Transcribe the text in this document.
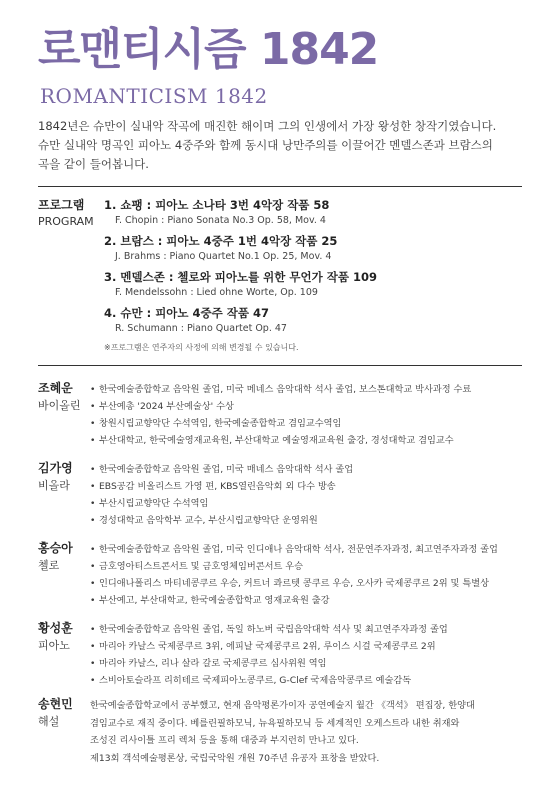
로맨티시즘 1842
ROMANTICISM 1842

1842년은 슈만이 실내악 작곡에 매진한 해이며 그의 인생에서 가장 왕성한 창작기였습니다.

슈만 실내악 명곡인 피아노 4중주와 함께 동시대 낭만주의를 이끌어간 멘델스존과 브람스의

곡을 같이 들어봅니다.

프로그램
PROGRAM
1. 쇼팽 : 피아노 소나타 3번 4악장 작품 58
F. Chopin : Piano Sonata No.3 Op. 58, Mov. 4
2. 브람스 : 피아노 4중주 1번 4악장 작품 25
J. Brahms : Piano Quartet No.1 Op. 25, Mov. 4
3. 멘델스존 : 첼로와 피아노를 위한 무언가 작품 109
F. Mendelssohn : Lied ohne Worte, Op. 109
4. 슈만 : 피아노 4중주 작품 47
R. Schumann : Piano Quartet Op. 47
※프로그램은 연주자의 사정에 의해 변경될 수 있습니다.
조혜운
바이올린
• 한국예술종합학교 음악원 졸업, 미국 메네스 음악대학 석사 졸업, 보스톤대학교 박사과정 수료
• 부산예총 '2024 부산예술상' 수상
• 창원시립교향악단 수석역임, 한국예술종합학교 겸임교수역임
• 부산대학교, 한국예술영재교육원, 부산대학교 예술영재교육원 출강, 경성대학교 겸임교수
김가영
비올라
• 한국예술종합학교 음악원 졸업, 미국 매네스 음악대학 석사 졸업
• EBS공감 비올리스트 가영 편, KBS열린음악회 외 다수 방송
• 부산시립교향악단 수석역임
• 경성대학교 음악학부 교수, 부산시립교향악단 운영위원
홍승아
첼로
• 한국예술종합학교 음악원 졸업, 미국 인디애나 음악대학 석사, 전문연주자과정, 최고연주자과정 졸업
• 금호영아티스트콘서트 및 금호영체임버콘서트 우승
• 인디애나폴리스 마티네콩쿠르 우승, 커트너 콰르텟 콩쿠르 우승, 오사카 국제콩쿠르 2위 및 특별상
• 부산예고, 부산대학교, 한국예술종합학교 영재교육원 출강
황성훈
피아노
• 한국예술종합학교 음악원 졸업, 독일 하노버 국립음악대학 석사 및 최고연주자과정 졸업
• 마리아 카날스 국제콩쿠르 3위, 에피날 국제콩쿠르 2위, 루이스 시걸 국제콩쿠르 2위
• 마리아 카날스, 리나 살라 갈로 국제콩쿠르 심사위원 역임
• 스비아토슬라프 리히테르 국제피아노콩쿠르, G-Clef 국제음악콩쿠르 예술감독
송현민
해설

한국예술종합학교에서 공부했고, 현재 음악평론가이자 공연예술지 월간 《객석》 편집장, 한양대

겸임교수로 재직 중이다. 베를린필하모닉, 뉴욕필하모닉 등 세계적인 오케스트라 내한 취재와

조성진 리사이틀 프리 렉처 등을 통해 대중과 부지런히 만나고 있다.

제13회 객석예술평론상, 국립국악원 개원 70주년 유공자 표창을 받았다.
